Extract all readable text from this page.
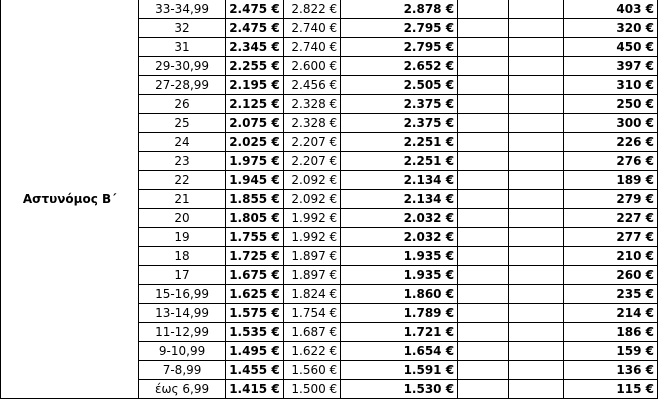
Αστυνόμος Β΄	33-34,99	2.475 €	2.822 €	2.878 €			403 €
	32	2.475 €	2.740 €	2.795 €			320 €
	31	2.345 €	2.740 €	2.795 €			450 €
	29-30,99	2.255 €	2.600 €	2.652 €			397 €
	27-28,99	2.195 €	2.456 €	2.505 €			310 €
	26	2.125 €	2.328 €	2.375 €			250 €
	25	2.075 €	2.328 €	2.375 €			300 €
	24	2.025 €	2.207 €	2.251 €			226 €
	23	1.975 €	2.207 €	2.251 €			276 €
	22	1.945 €	2.092 €	2.134 €			189 €
	21	1.855 €	2.092 €	2.134 €			279 €
	20	1.805 €	1.992 €	2.032 €			227 €
	19	1.755 €	1.992 €	2.032 €			277 €
	18	1.725 €	1.897 €	1.935 €			210 €
	17	1.675 €	1.897 €	1.935 €			260 €
	15-16,99	1.625 €	1.824 €	1.860 €			235 €
	13-14,99	1.575 €	1.754 €	1.789 €			214 €
	11-12,99	1.535 €	1.687 €	1.721 €			186 €
	9-10,99	1.495 €	1.622 €	1.654 €			159 €
	7-8,99	1.455 €	1.560 €	1.591 €			136 €
	έως 6,99	1.415 €	1.500 €	1.530 €			115 €
